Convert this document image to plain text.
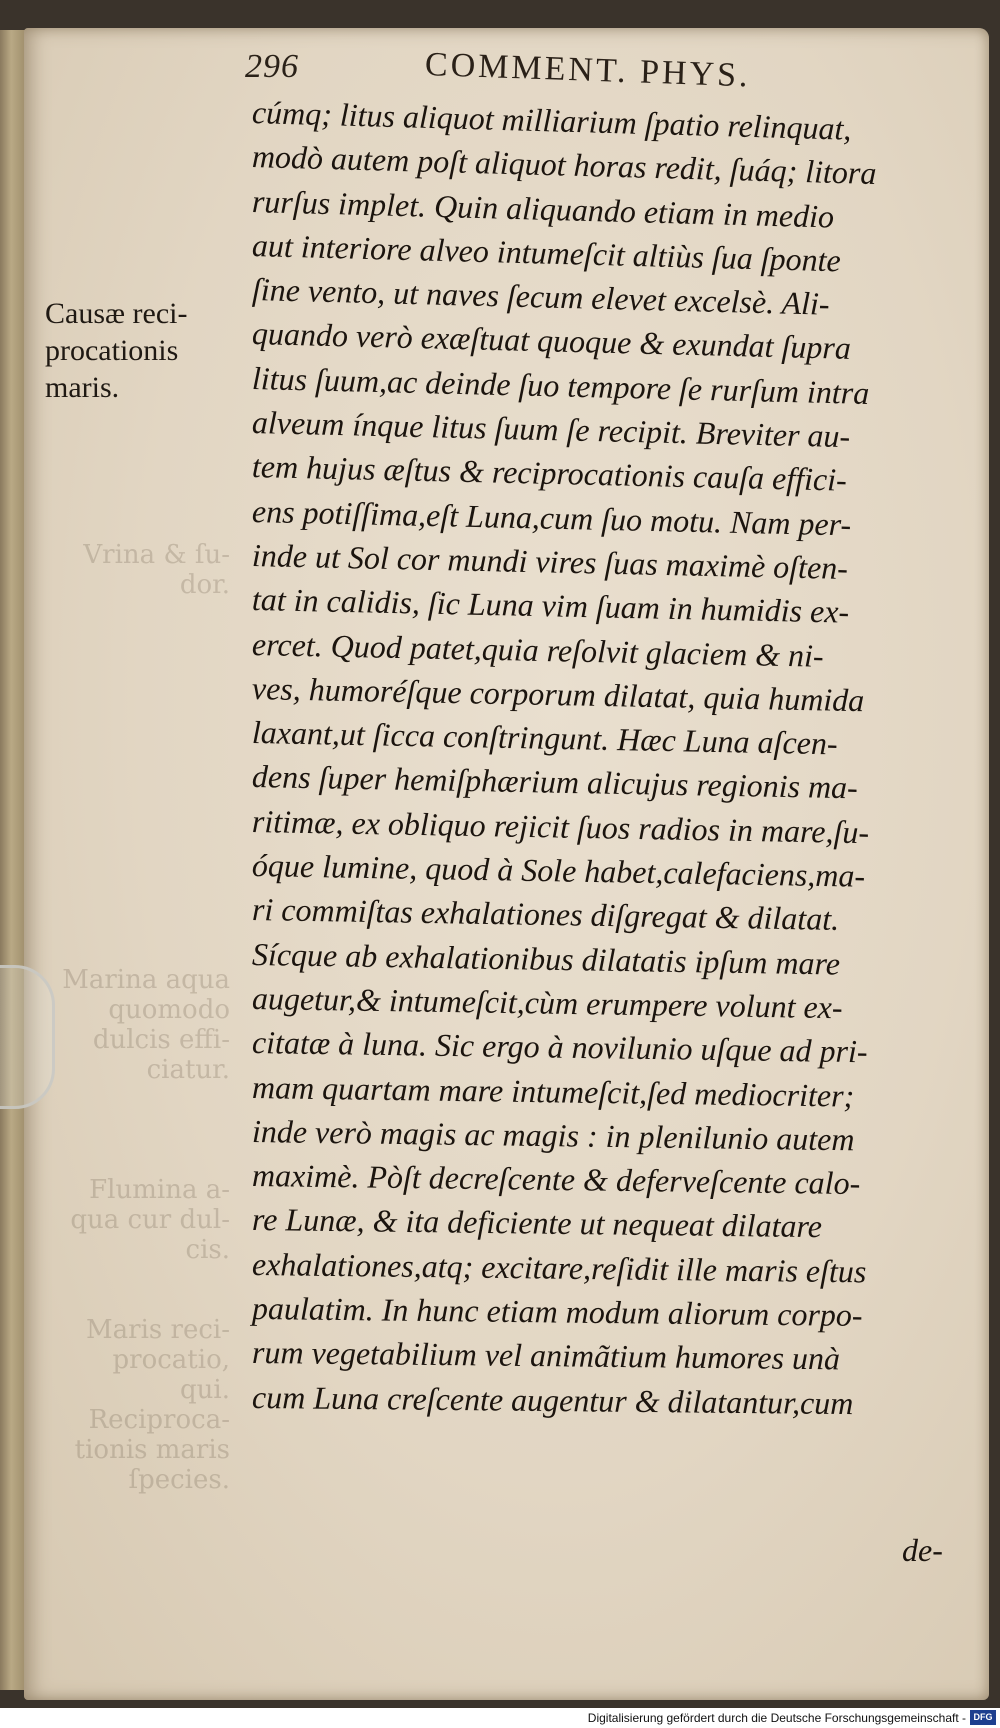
Vrina & ſu-
dor.
Marina aqua
quomodo
dulcis effi-
ciatur.
Flumina a-
qua cur dul-
cis.
Maris reci-
procatio,
qui.
Reciproca-
tionis maris
ſpecies.
296	COMMENT. PHYS.
Causæ reci-
procationis
maris.
cúmq; litus aliquot milliarium ſpatio relinquat,
modò autem poſt aliquot horas redit, ſuáq; litora
rurſus implet. Quin aliquando etiam in medio
aut interiore alveo intumeſcit altiùs ſua ſponte
ſine vento, ut naves ſecum elevet excelsè. Ali-
quando verò exæſtuat quoque & exundat ſupra
litus ſuum,ac deinde ſuo tempore ſe rurſum intra
alveum ínque litus ſuum ſe recipit. Breviter au-
tem hujus æſtus & reciprocationis cauſa effici-
ens potiſſima,eſt Luna,cum ſuo motu. Nam per-
inde ut Sol cor mundi vires ſuas maximè oſten-
tat in calidis, ſic Luna vim ſuam in humidis ex-
ercet. Quod patet,quia reſolvit glaciem & ni-
ves, humoréſque corporum dilatat, quia humida
laxant,ut ſicca conſtringunt. Hæc Luna aſcen-
dens ſuper hemiſphærium alicujus regionis ma-
ritimæ, ex obliquo rejicit ſuos radios in mare,ſu-
óque lumine, quod à Sole habet,calefaciens,ma-
ri commiſtas exhalationes diſgregat & dilatat.
Sícque ab exhalationibus dilatatis ipſum mare
augetur,& intumeſcit,cùm erumpere volunt ex-
citatæ à luna. Sic ergo à novilunio uſque ad pri-
mam quartam mare intumeſcit,ſed mediocriter;
inde verò magis ac magis : in plenilunio autem
maximè. Pòſt decreſcente & deferveſcente calo-
re Lunæ, & ita deficiente ut nequeat dilatare
exhalationes,atq; excitare,reſidit ille maris eſtus
paulatim. In hunc etiam modum aliorum corpo-
rum vegetabilium vel animãtium humores unà
cum Luna creſcente augentur & dilatantur,cum
de-
Digitalisierung gefördert durch die Deutsche Forschungsgemeinschaft - DFG
